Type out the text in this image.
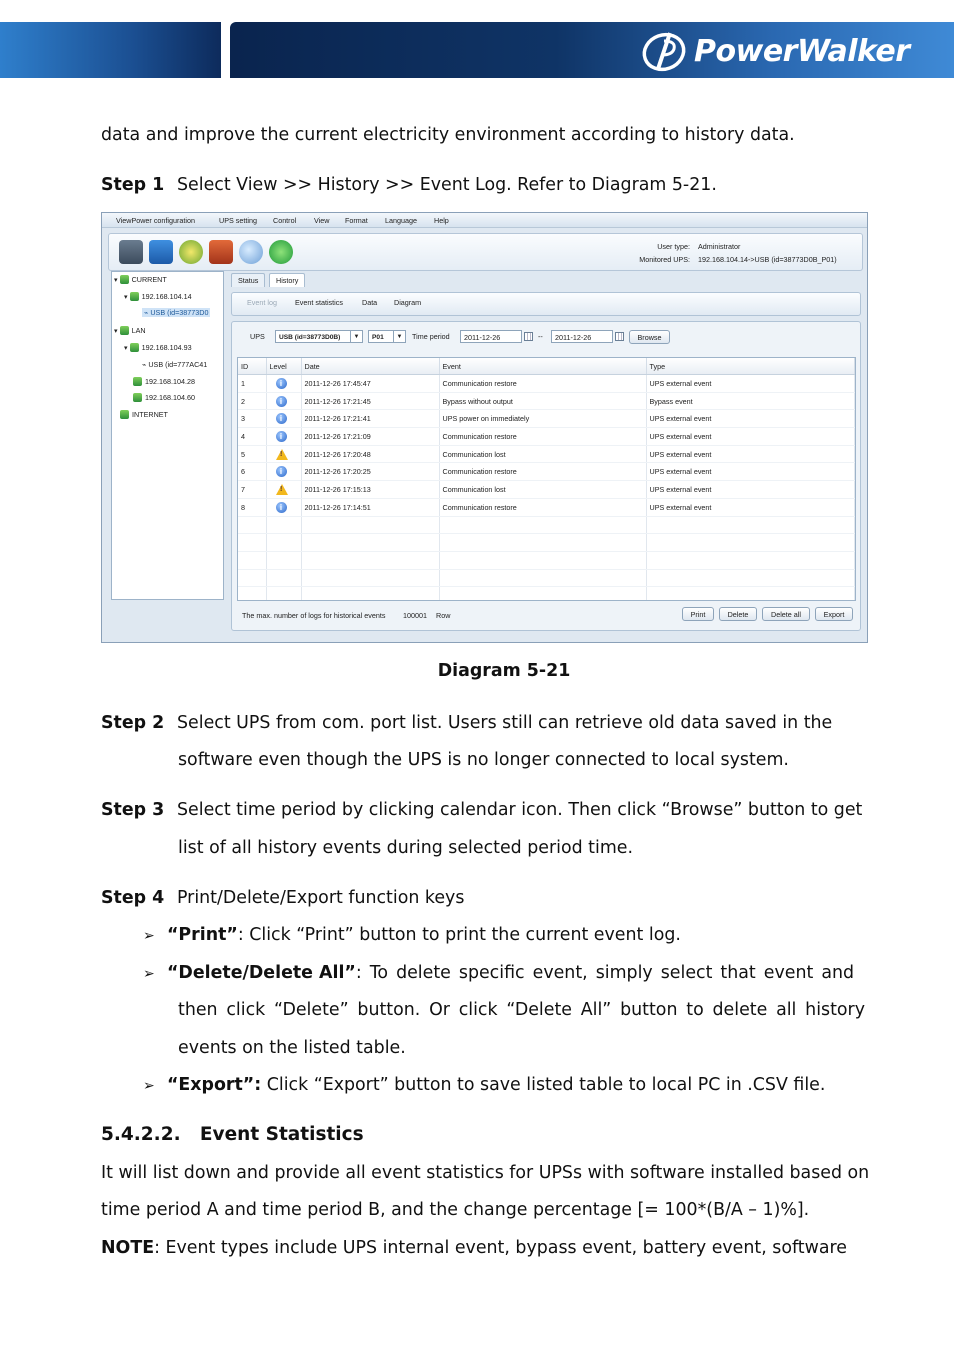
PowerWalker
data and improve the current electricity environment according to history data.
Step 1 Select View >> History >> Event Log. Refer to Diagram 5-21.
ViewPower configuration	UPS setting Control View Format Language Help
User type: Administrator
Monitored UPS: 192.168.104.14->USB (id=38773D0B_P01)
▾ CURRENT
▾ 192.168.104.14
⌁ USB (id=38773D0
▾ LAN
▾ 192.168.104.93
⌁ USB (id=777AC41
192.168.104.28
192.168.104.60
INTERNET
Status	History
Event log	Event statistics	Data Diagram
UPS	USB (id=38773D0B)	▼	P01	▼	Time period	2011-12-26	--	2011-12-26	Browse
ID	Level	Date	Event	Type
1	i	2011-12-26 17:45:47	Communication restore	UPS external event
2	i	2011-12-26 17:21:45	Bypass without output	Bypass event
3	i	2011-12-26 17:21:41	UPS power on immediately	UPS external event
4	i	2011-12-26 17:21:09	Communication restore	UPS external event
5	!	2011-12-26 17:20:48	Communication lost	UPS external event
6	i	2011-12-26 17:20:25	Communication restore	UPS external event
7	!	2011-12-26 17:15:13	Communication lost	UPS external event
8	i	2011-12-26 17:14:51	Communication restore	UPS external event

The max. number of logs for historical events 100001 Row	Print	Delete	Delete all	Export
Diagram 5-21
Step 2 Select UPS from com. port list. Users still can retrieve old data saved in the
software even though the UPS is no longer connected to local system.
Step 3 Select time period by clicking calendar icon. Then click “Browse” button to get
list of all history events during selected period time.
Step 4 Print/Delete/Export function keys
➢ “Print”: Click “Print” button to print the current event log.
➢ “Delete/Delete All”: To delete specific event, simply select that event and
then click “Delete” button. Or click “Delete All” button to delete all history
events on the listed table.
➢ “Export”: Click “Export” button to save listed table to local PC in .CSV file.
5.4.2.2.   Event Statistics
It will list down and provide all event statistics for UPSs with software installed based on
time period A and time period B, and the change percentage [= 100*(B/A – 1)%].
NOTE: Event types include UPS internal event, bypass event, battery event, software
